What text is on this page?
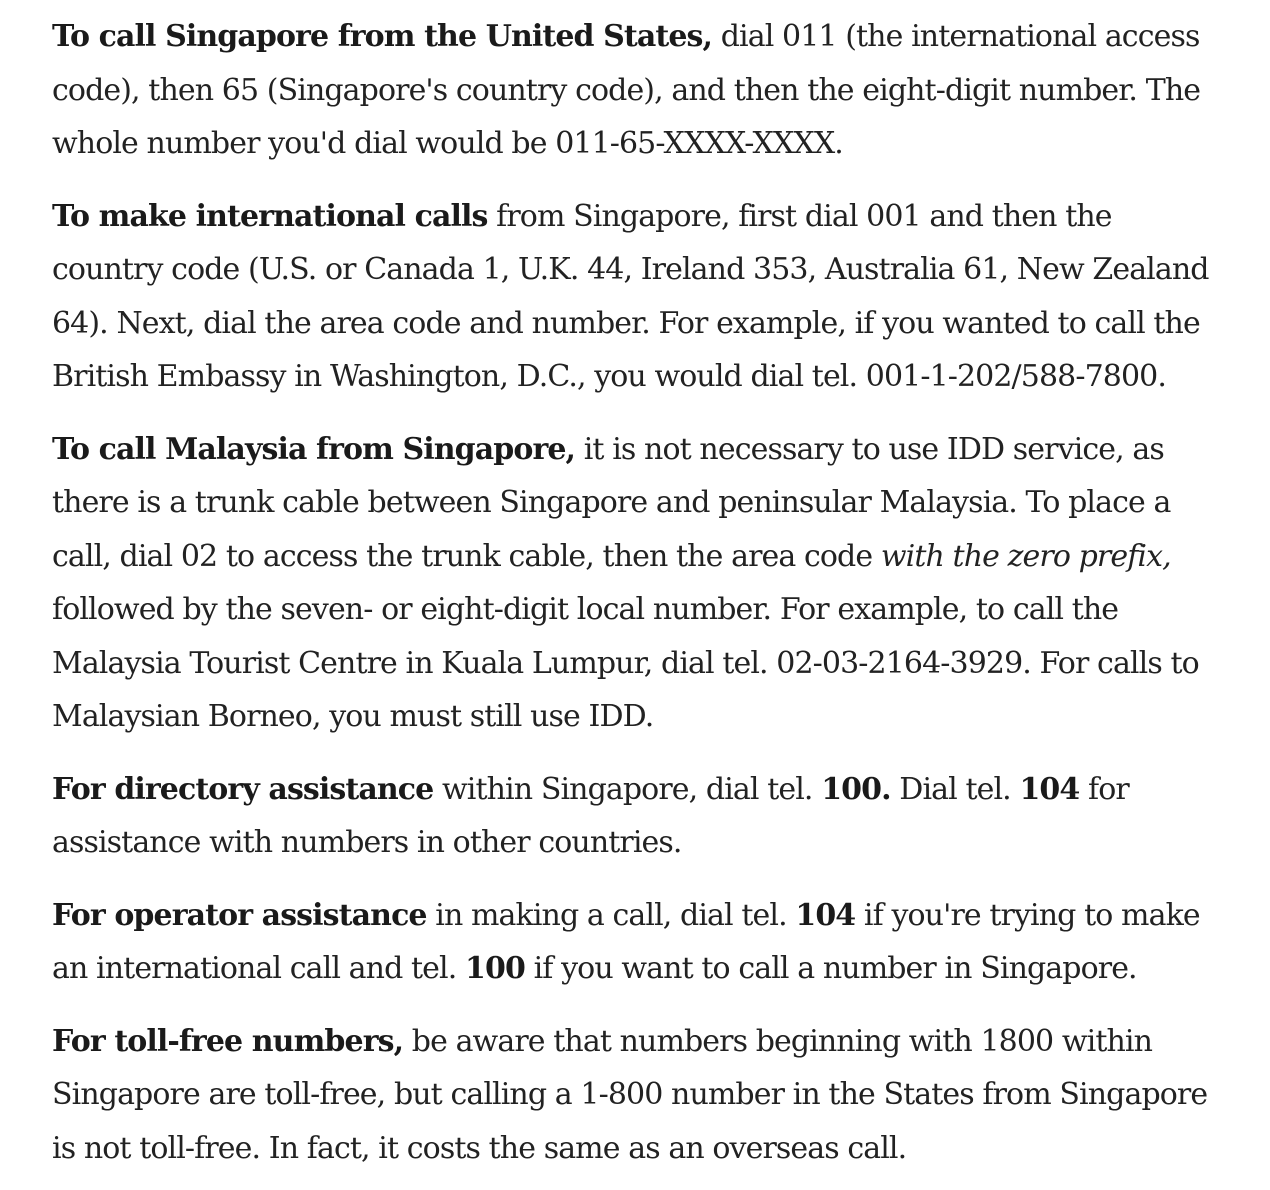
To call Singapore from the United States, dial 011 (the international access code), then 65 (Singapore's country code), and then the eight-digit number. The whole number you'd dial would be 011-65-XXXX-XXXX.

To make international calls from Singapore, first dial 001 and then the country code (U.S. or Canada 1, U.K. 44, Ireland 353, Australia 61, New Zealand 64). Next, dial the area code and number. For example, if you wanted to call the British Embassy in Washington, D.C., you would dial tel. 001-1-202/588-7800.

To call Malaysia from Singapore, it is not necessary to use IDD service, as there is a trunk cable between Singapore and peninsular Malaysia. To place a call, dial 02 to access the trunk cable, then the area code with the zero prefix, followed by the seven- or eight-digit local number. For example, to call the Malaysia Tourist Centre in Kuala Lumpur, dial tel. 02-03-2164-3929. For calls to Malaysian Borneo, you must still use IDD.

For directory assistance within Singapore, dial tel. 100. Dial tel. 104 for assistance with numbers in other countries.

For operator assistance in making a call, dial tel. 104 if you're trying to make an international call and tel. 100 if you want to call a number in Singapore.

For toll-free numbers, be aware that numbers beginning with 1800 within Singapore are toll-free, but calling a 1-800 number in the States from Singapore is not toll-free. In fact, it costs the same as an overseas call.
